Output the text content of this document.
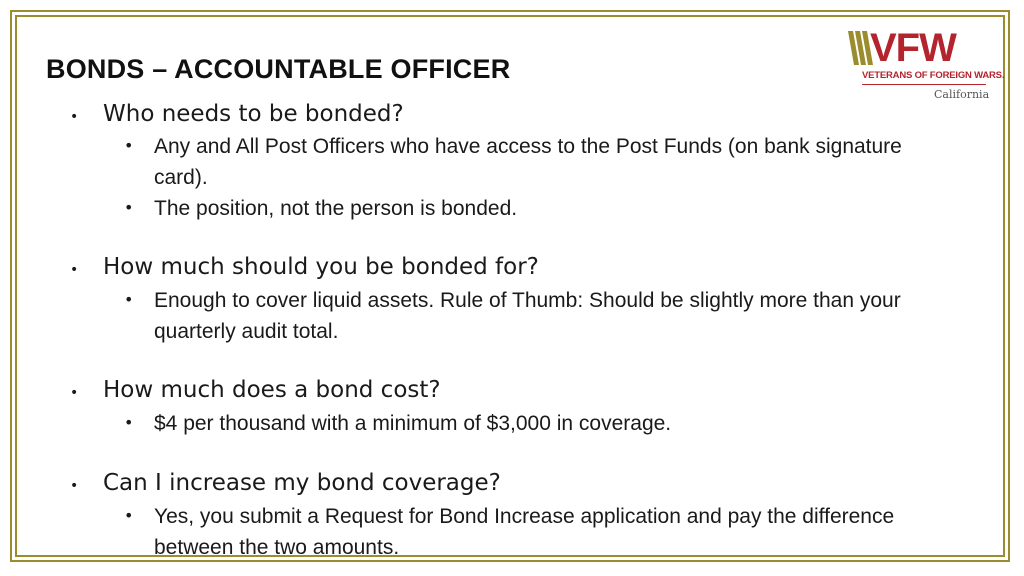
BONDS – ACCOUNTABLE OFFICER	VFW
VETERANS OF FOREIGN WARS.
California
• Who needs to be bonded?
• Any and All Post Officers who have access to the Post Funds (on bank signature card).
• The position, not the person is bonded.
• How much should you be bonded for?
• Enough to cover liquid assets. Rule of Thumb: Should be slightly more than your quarterly audit total.
• How much does a bond cost?
• $4 per thousand with a minimum of $3,000 in coverage.
• Can I increase my bond coverage?
• Yes, you submit a Request for Bond Increase application and pay the difference between the two amounts.
